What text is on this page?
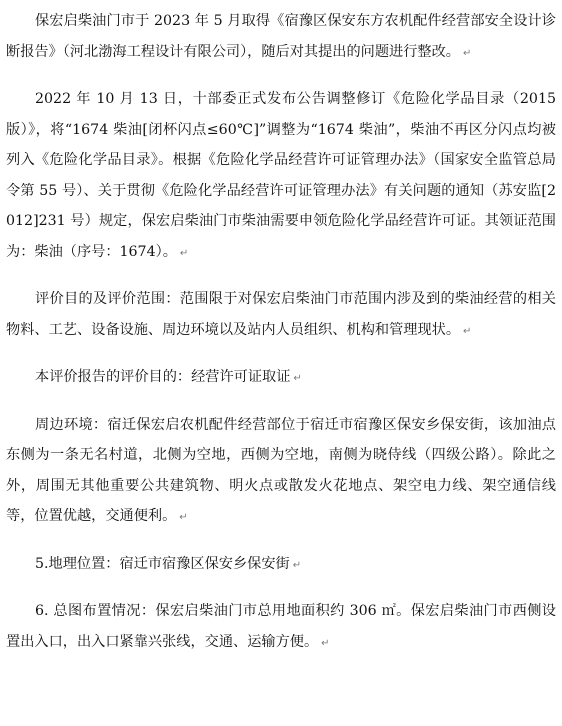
保宏启柴油门市于 2023 年 5 月取得《宿豫区保安东方农机配件经营部安全设计诊断报告》（河北渤海工程设计有限公司），随后对其提出的问题进行整改。 ↵

2022 年 10 月 13 日，十部委正式发布公告调整修订《危险化学品目录（2015 版）》，将“1674 柴油[闭杯闪点≤60℃]”调整为“1674 柴油”，柴油不再区分闪点均被列入《危险化学品目录》。根据《危险化学品经营许可证管理办法》（国家安全监管总局令第 55 号）、关于贯彻《危险化学品经营许可证管理办法》有关问题的通知（苏安监[2012]231 号）规定，保宏启柴油门市柴油需要申领危险化学品经营许可证。其领证范围为：柴油（序号：1674）。 ↵

评价目的及评价范围：范围限于对保宏启柴油门市范围内涉及到的柴油经营的相关物料、工艺、设备设施、周边环境以及站内人员组织、机构和管理现状。 ↵

本评价报告的评价目的：经营许可证取证 ↵

周边环境：宿迁保宏启农机配件经营部位于宿迁市宿豫区保安乡保安街，该加油点东侧为一条无名村道，北侧为空地，西侧为空地，南侧为晓侍线（四级公路）。除此之外，周围无其他重要公共建筑物、明火点或散发火花地点、架空电力线、架空通信线等，位置优越，交通便利。 ↵

5.地理位置：宿迁市宿豫区保安乡保安街 ↵

6. 总图布置情况：保宏启柴油门市总用地面积约 306 ㎡。保宏启柴油门市西侧设置出入口，出入口紧靠兴张线，交通、运输方便。 ↵
